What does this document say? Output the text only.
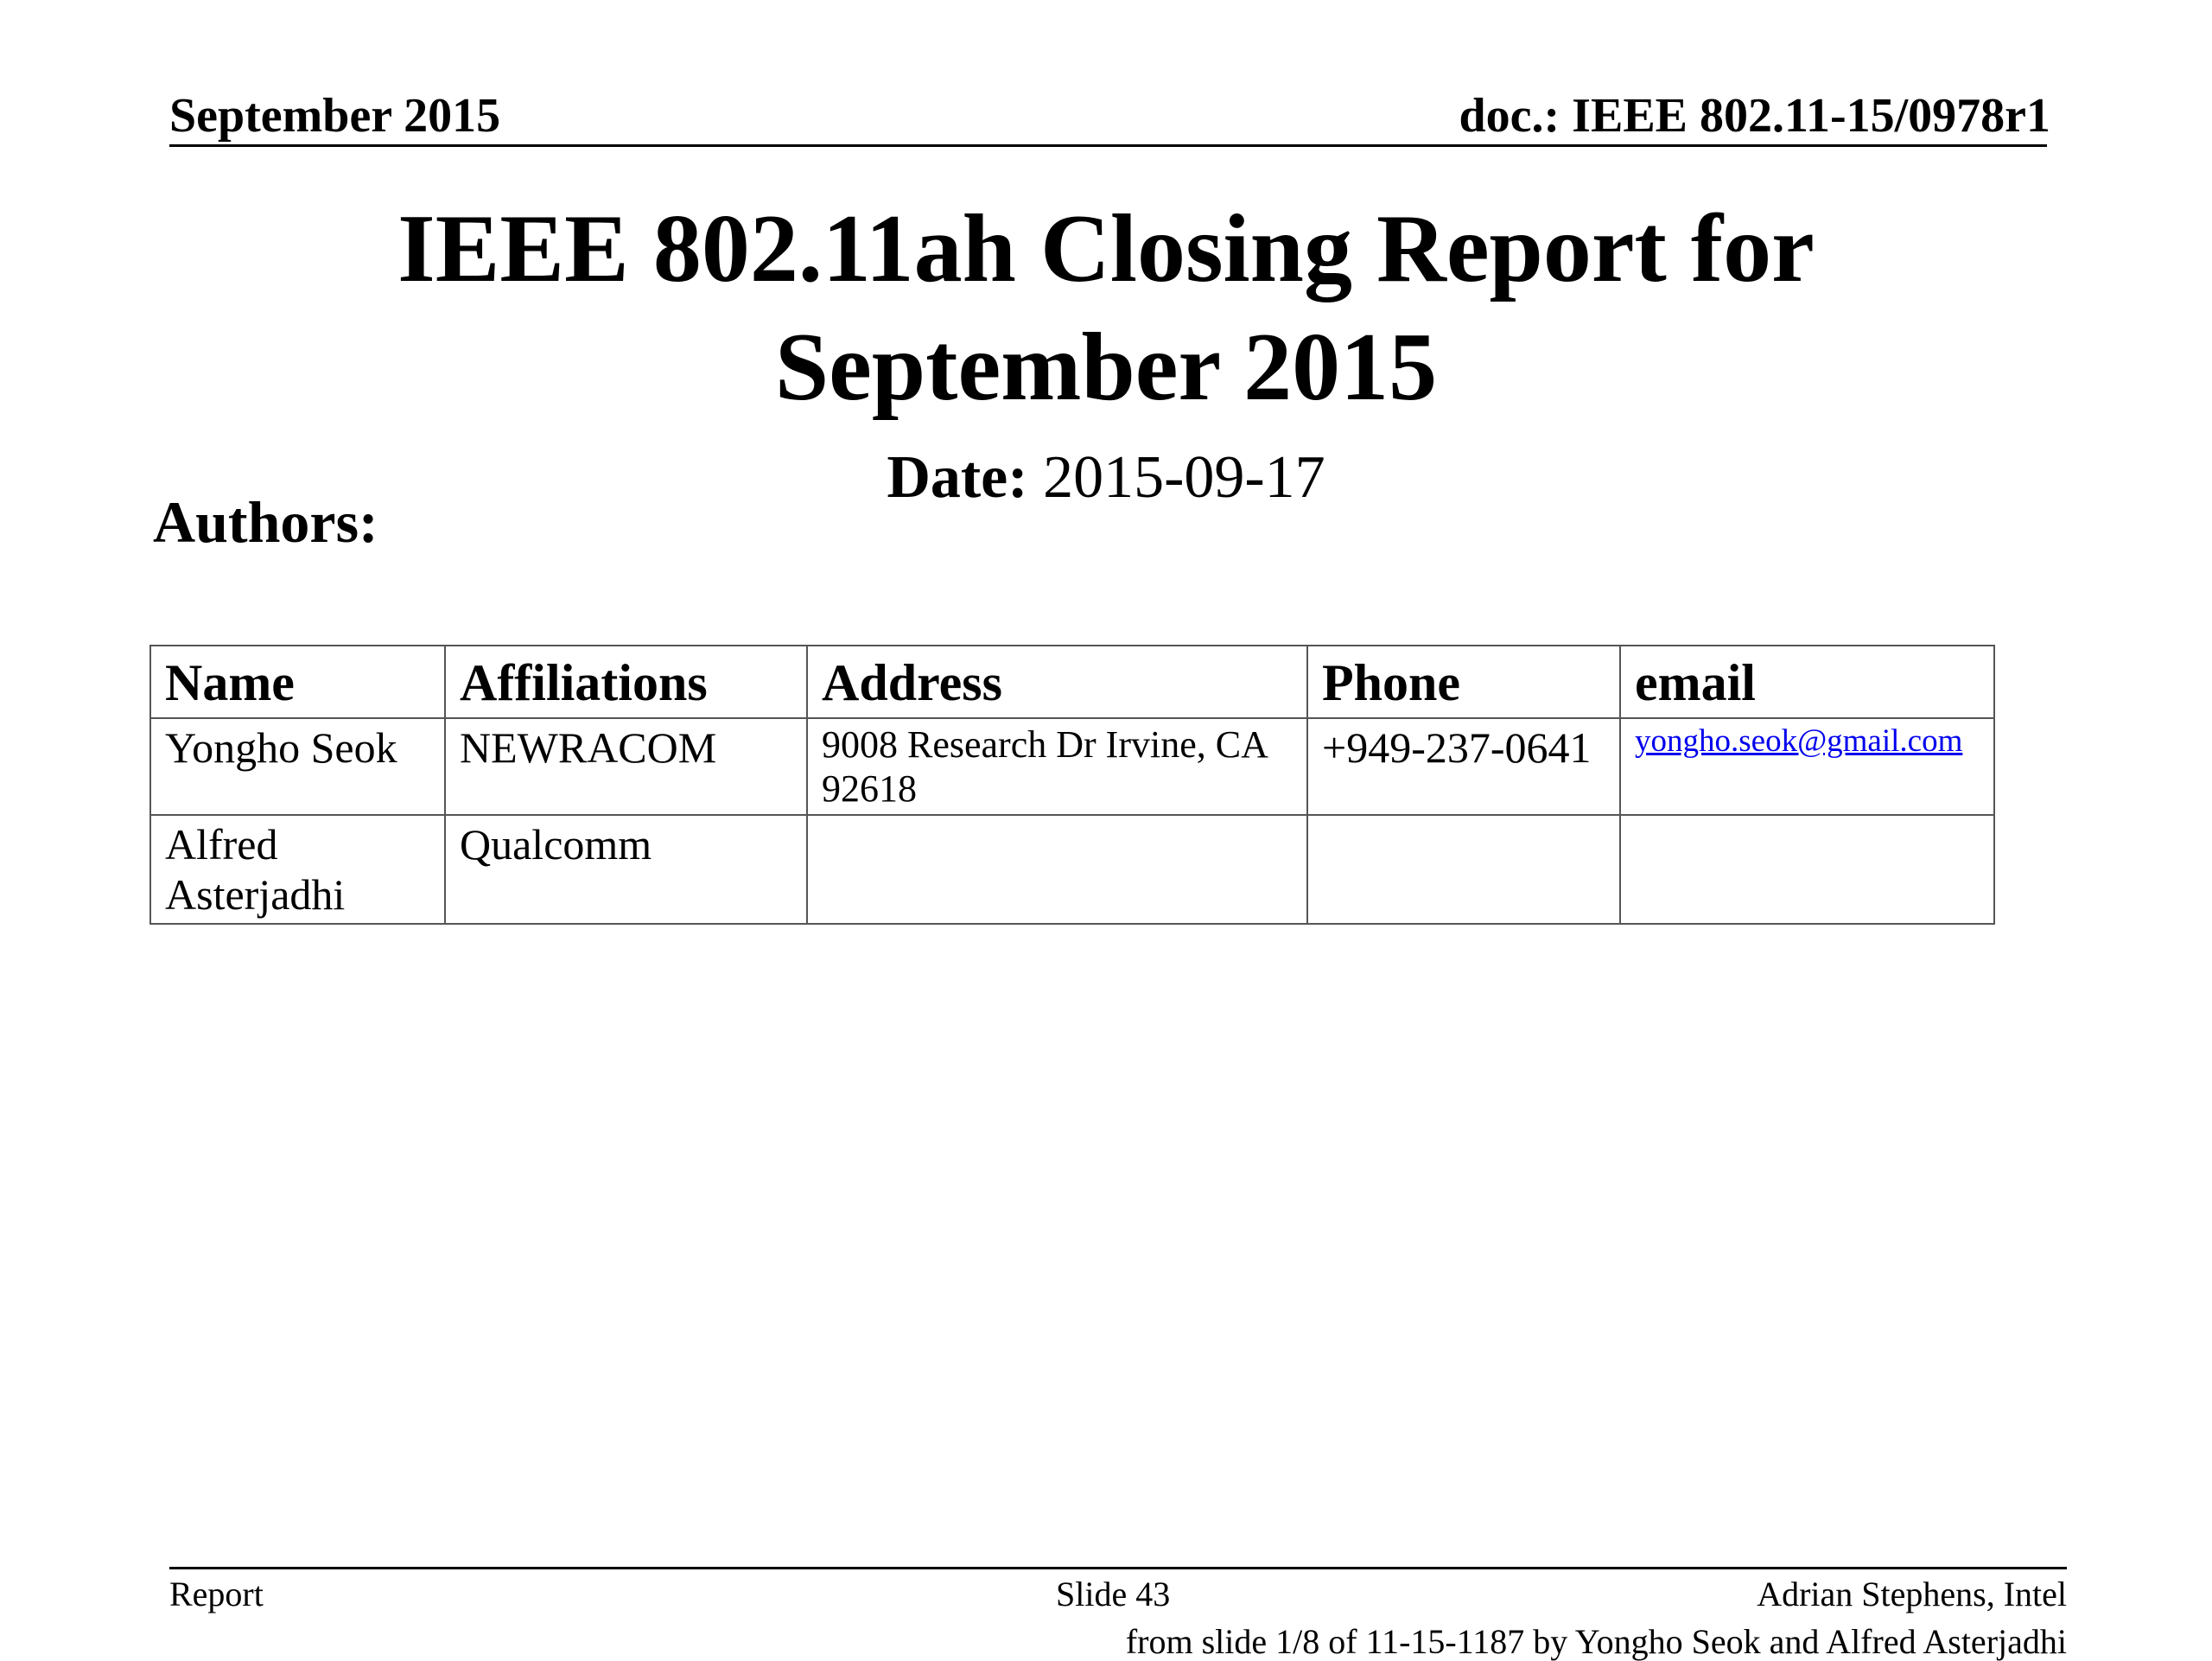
September 2015	doc.: IEEE 802.11-15/0978r1
IEEE 802.11ah Closing Report for
September 2015
Date: 2015-09-17
Authors:
Name	Affiliations	Address	Phone	email
Yongho Seok	NEWRACOM	9008 Research Dr Irvine, CA 92618	+949-237-0641	yongho.seok@gmail.com
Alfred Asterjadhi	Qualcomm			
Report	Slide 43	Adrian Stephens, Intel
from slide 1/8 of 11-15-1187 by Yongho Seok and Alfred Asterjadhi
